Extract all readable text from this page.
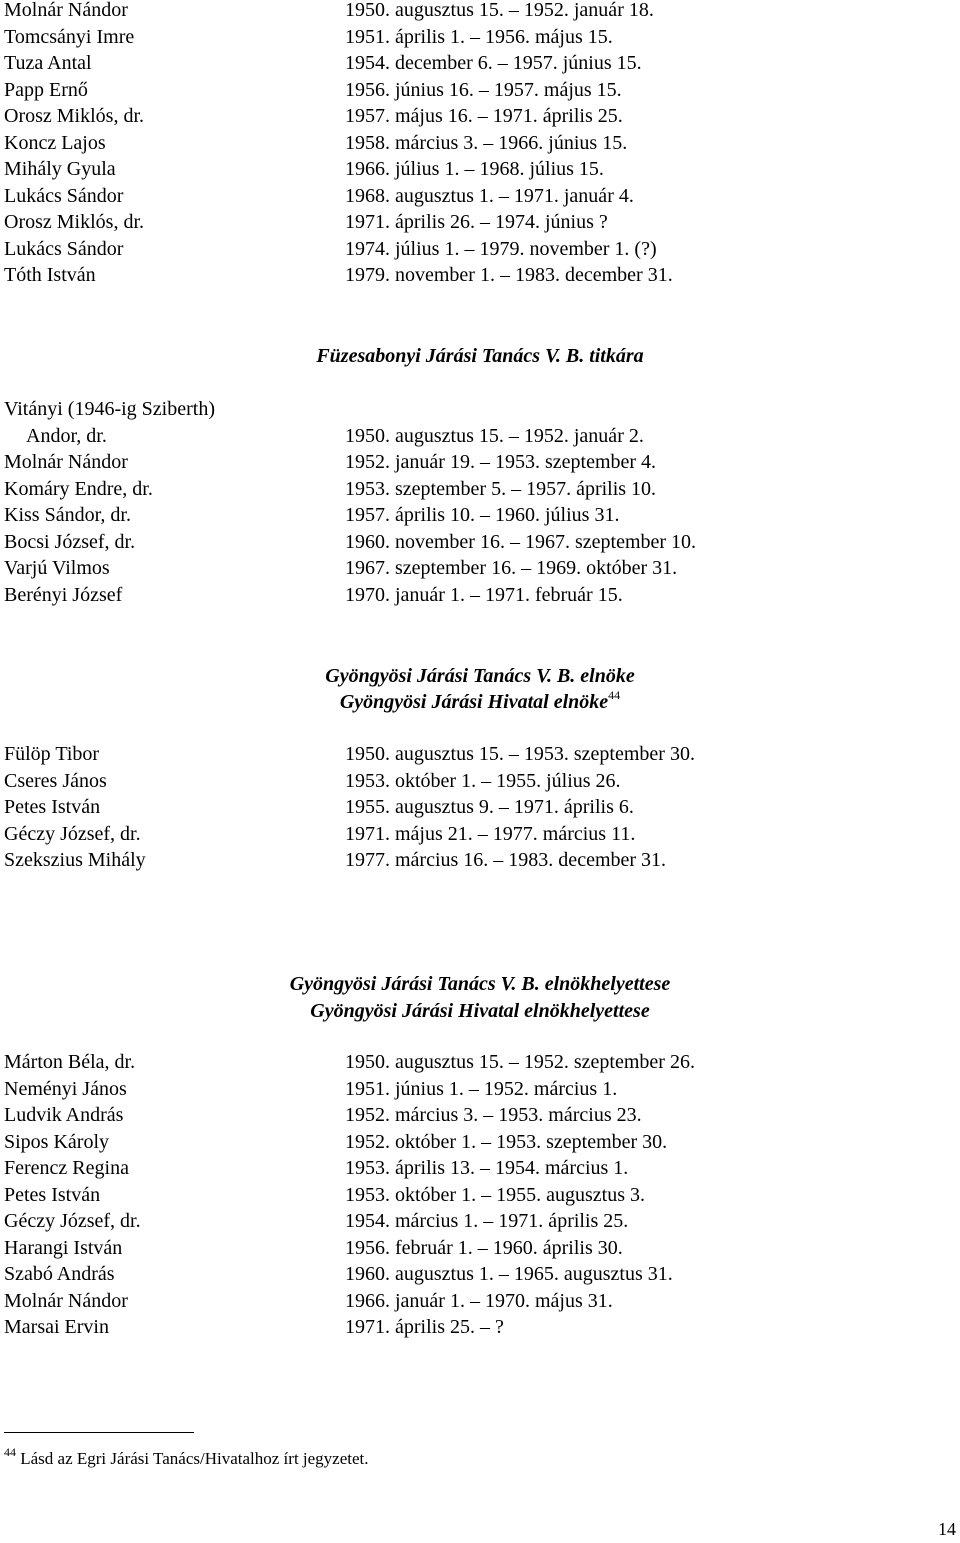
Molnár Nándor	1950. augusztus 15. – 1952. január 18.
Tomcsányi Imre	1951. április 1. – 1956. május 15.
Tuza Antal	1954. december 6. – 1957. június 15.
Papp Ernő	1956. június 16. – 1957. május 15.
Orosz Miklós, dr.	1957. május 16. – 1971. április 25.
Koncz Lajos	1958. március 3. – 1966. június 15.
Mihály Gyula	1966. július 1. – 1968. július 15.
Lukács Sándor	1968. augusztus 1. – 1971. január 4.
Orosz Miklós, dr.	1971. április 26. – 1974. június ?
Lukács Sándor	1974. július 1. – 1979. november 1. (?)
Tóth István	1979. november 1. – 1983. december 31.
Füzesabonyi Járási Tanács V. B. titkára
Vitányi (1946-ig Sziberth)
Andor, dr.	1950. augusztus 15. – 1952. január 2.
Molnár Nándor	1952. január 19. – 1953. szeptember 4.
Komáry Endre, dr.	1953. szeptember 5. – 1957. április 10.
Kiss Sándor, dr.	1957. április 10. – 1960. július 31.
Bocsi József, dr.	1960. november 16. – 1967. szeptember 10.
Varjú Vilmos	1967. szeptember 16. – 1969. október 31.
Berényi József	1970. január 1. – 1971. február 15.
Gyöngyösi Járási Tanács V. B. elnöke
Gyöngyösi Járási Hivatal elnöke$^{44}$
Fülöp Tibor	1950. augusztus 15. – 1953. szeptember 30.
Cseres János	1953. október 1. – 1955. július 26.
Petes István	1955. augusztus 9. – 1971. április 6.
Géczy József, dr.	1971. május 21. – 1977. március 11.
Szekszius Mihály	1977. március 16. – 1983. december 31.
Gyöngyösi Járási Tanács V. B. elnökhelyettese
Gyöngyösi Járási Hivatal elnökhelyettese
Márton Béla, dr.	1950. augusztus 15. – 1952. szeptember 26.
Neményi János	1951. június 1. – 1952. március 1.
Ludvik András	1952. március 3. – 1953. március 23.
Sipos Károly	1952. október 1. – 1953. szeptember 30.
Ferencz Regina	1953. április 13. – 1954. március 1.
Petes István	1953. október 1. – 1955. augusztus 3.
Géczy József, dr.	1954. március 1. – 1971. április 25.
Harangi István	1956. február 1. – 1960. április 30.
Szabó András	1960. augusztus 1. – 1965. augusztus 31.
Molnár Nándor	1966. január 1. – 1970. május 31.
Marsai Ervin	1971. április 25. – ?
$^{44}$ Lásd az Egri Járási Tanács/Hivatalhoz írt jegyzetet.
14
